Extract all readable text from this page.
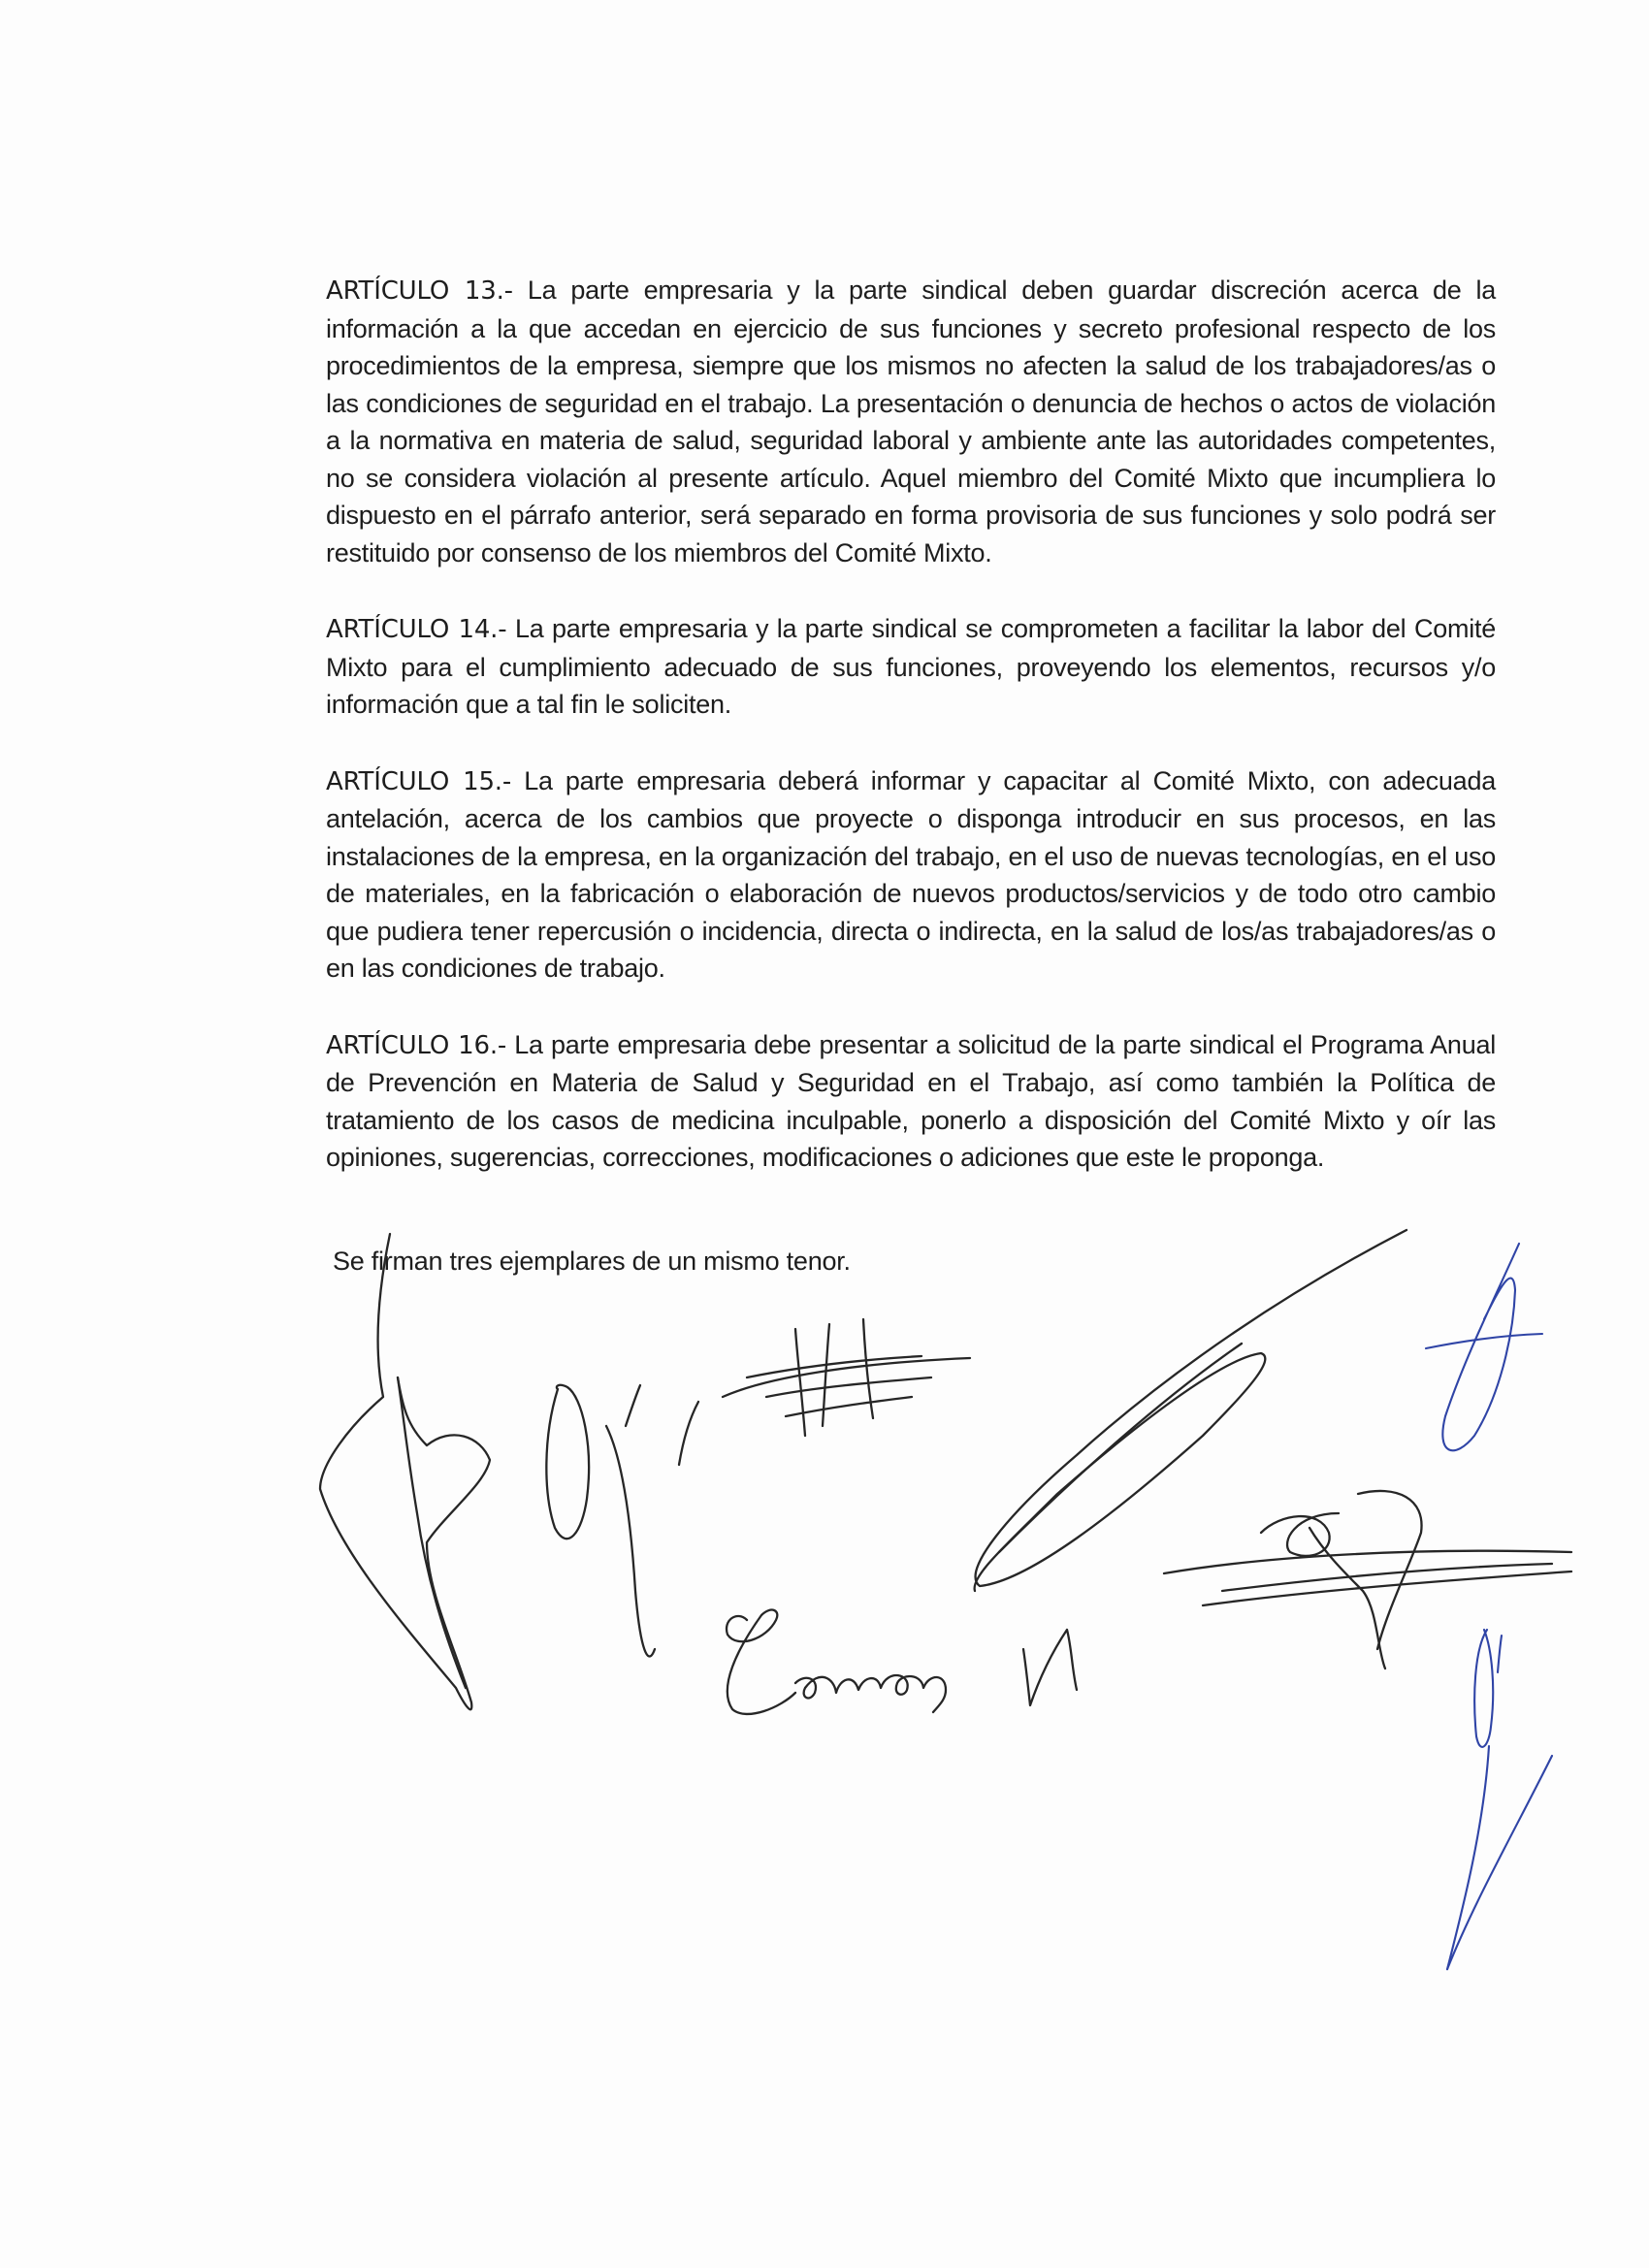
ARTÍCULO 13.- La parte empresaria y la parte sindical deben guardar discreción acerca de la información a la que accedan en ejercicio de sus funciones y secreto profesional respecto de los procedimientos de la empresa, siempre que los mismos no afecten la salud de los trabajadores/as o las condiciones de seguridad en el trabajo. La presentación o denuncia de hechos o actos de violación a la normativa en materia de salud, seguridad laboral y ambiente ante las autoridades competentes, no se considera violación al presente artículo. Aquel miembro del Comité Mixto que incumpliera lo dispuesto en el párrafo anterior, será separado en forma provisoria de sus funciones y solo podrá ser restituido por consenso de los miembros del Comité Mixto.

ARTÍCULO 14.- La parte empresaria y la parte sindical se comprometen a facilitar la labor del Comité Mixto para el cumplimiento adecuado de sus funciones, proveyendo los elementos, recursos y/o información que a tal fin le soliciten.

ARTÍCULO 15.- La parte empresaria deberá informar y capacitar al Comité Mixto, con adecuada antelación, acerca de los cambios que proyecte o disponga introducir en sus procesos, en las instalaciones de la empresa, en la organización del trabajo, en el uso de nuevas tecnologías, en el uso de materiales, en la fabricación o elaboración de nuevos productos/servicios y de todo otro cambio que pudiera tener repercusión o incidencia, directa o indirecta, en la salud de los/as trabajadores/as o en las condiciones de trabajo.

ARTÍCULO 16.- La parte empresaria debe presentar a solicitud de la parte sindical el Programa Anual de Prevención en Materia de Salud y Seguridad en el Trabajo, así como también la Política de tratamiento de los casos de medicina inculpable, ponerlo a disposición del Comité Mixto y oír las opiniones, sugerencias, correcciones, modificaciones o adiciones que este le proponga.

Se firman tres ejemplares de un mismo tenor.
